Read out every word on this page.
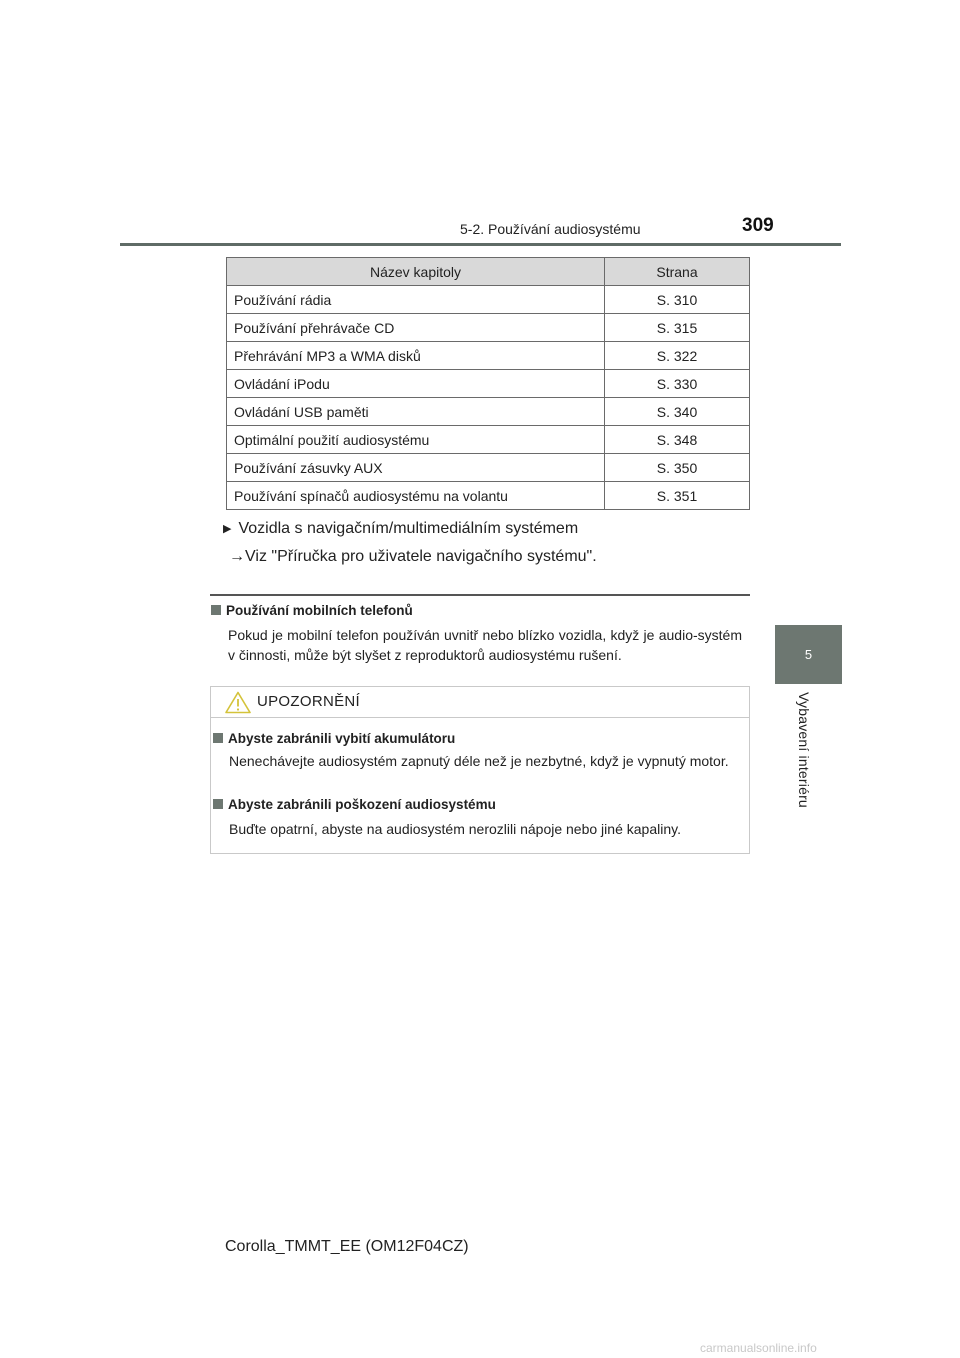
5-2. Používání audiosystému	309
5
Vybavení interiéru
Název kapitoly	Strana
Používání rádia	S. 310
Používání přehrávače CD	S. 315
Přehrávání MP3 a WMA disků	S. 322
Ovládání iPodu	S. 330
Ovládání USB paměti	S. 340
Optimální použití audiosystému	S. 348
Používání zásuvky AUX	S. 350
Používání spínačů audiosystému na volantu	S. 351
▶ Vozidla s navigačním/multimediálním systémem
→Viz "Příručka pro uživatele navigačního systému".
Používání mobilních telefonů
Pokud je mobilní telefon používán uvnitř nebo blízko vozidla, když je audio-systém v činnosti, může být slyšet z reproduktorů audiosystému rušení.
UPOZORNĚNÍ
Abyste zabránili vybití akumulátoru
Nenechávejte audiosystém zapnutý déle než je nezbytné, když je vypnutý motor.
Abyste zabránili poškození audiosystému
Buďte opatrní, abyste na audiosystém nerozlili nápoje nebo jiné kapaliny.
Corolla_TMMT_EE (OM12F04CZ)
carmanualsonline.info
